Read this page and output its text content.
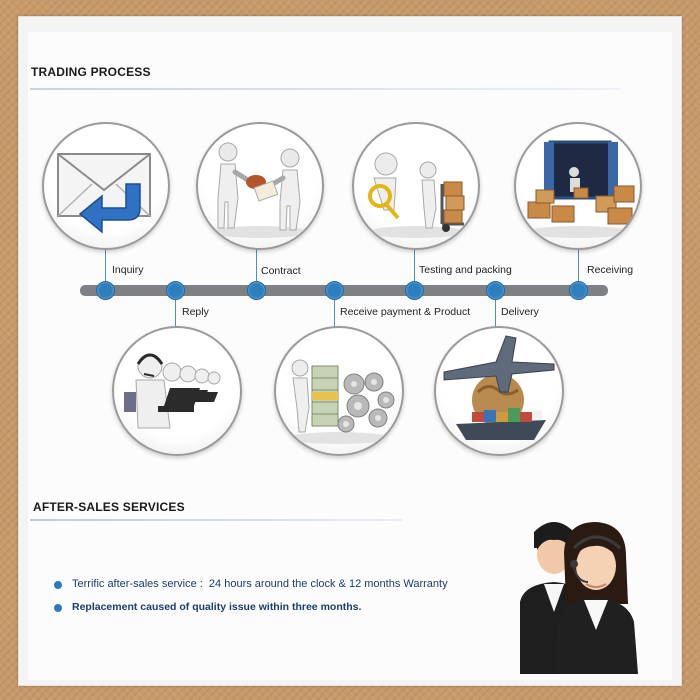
TRADING PROCESS
Inquiry
Reply
Contract
Receive payment & Product
Testing and packing
Delivery
Receiving
AFTER-SALES SERVICES
Terrific after-sales service :  24 hours around the clock & 12 months Warranty
Replacement caused of quality issue within three months.
